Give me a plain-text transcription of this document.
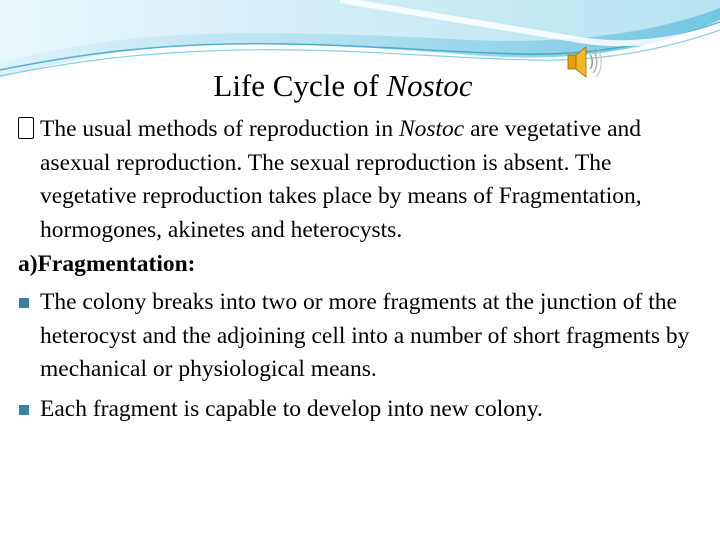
Life Cycle of Nostoc
The usual methods of reproduction in Nostoc are vegetative and asexual reproduction. The sexual reproduction is absent. The vegetative reproduction takes place by means of Fragmentation, hormogones, akinetes and heterocysts.
a)Fragmentation:
The colony breaks into two or more fragments at the junction of the heterocyst and the adjoining cell into a number of short fragments by mechanical or physiological means.
Each fragment is capable to develop into new colony.
